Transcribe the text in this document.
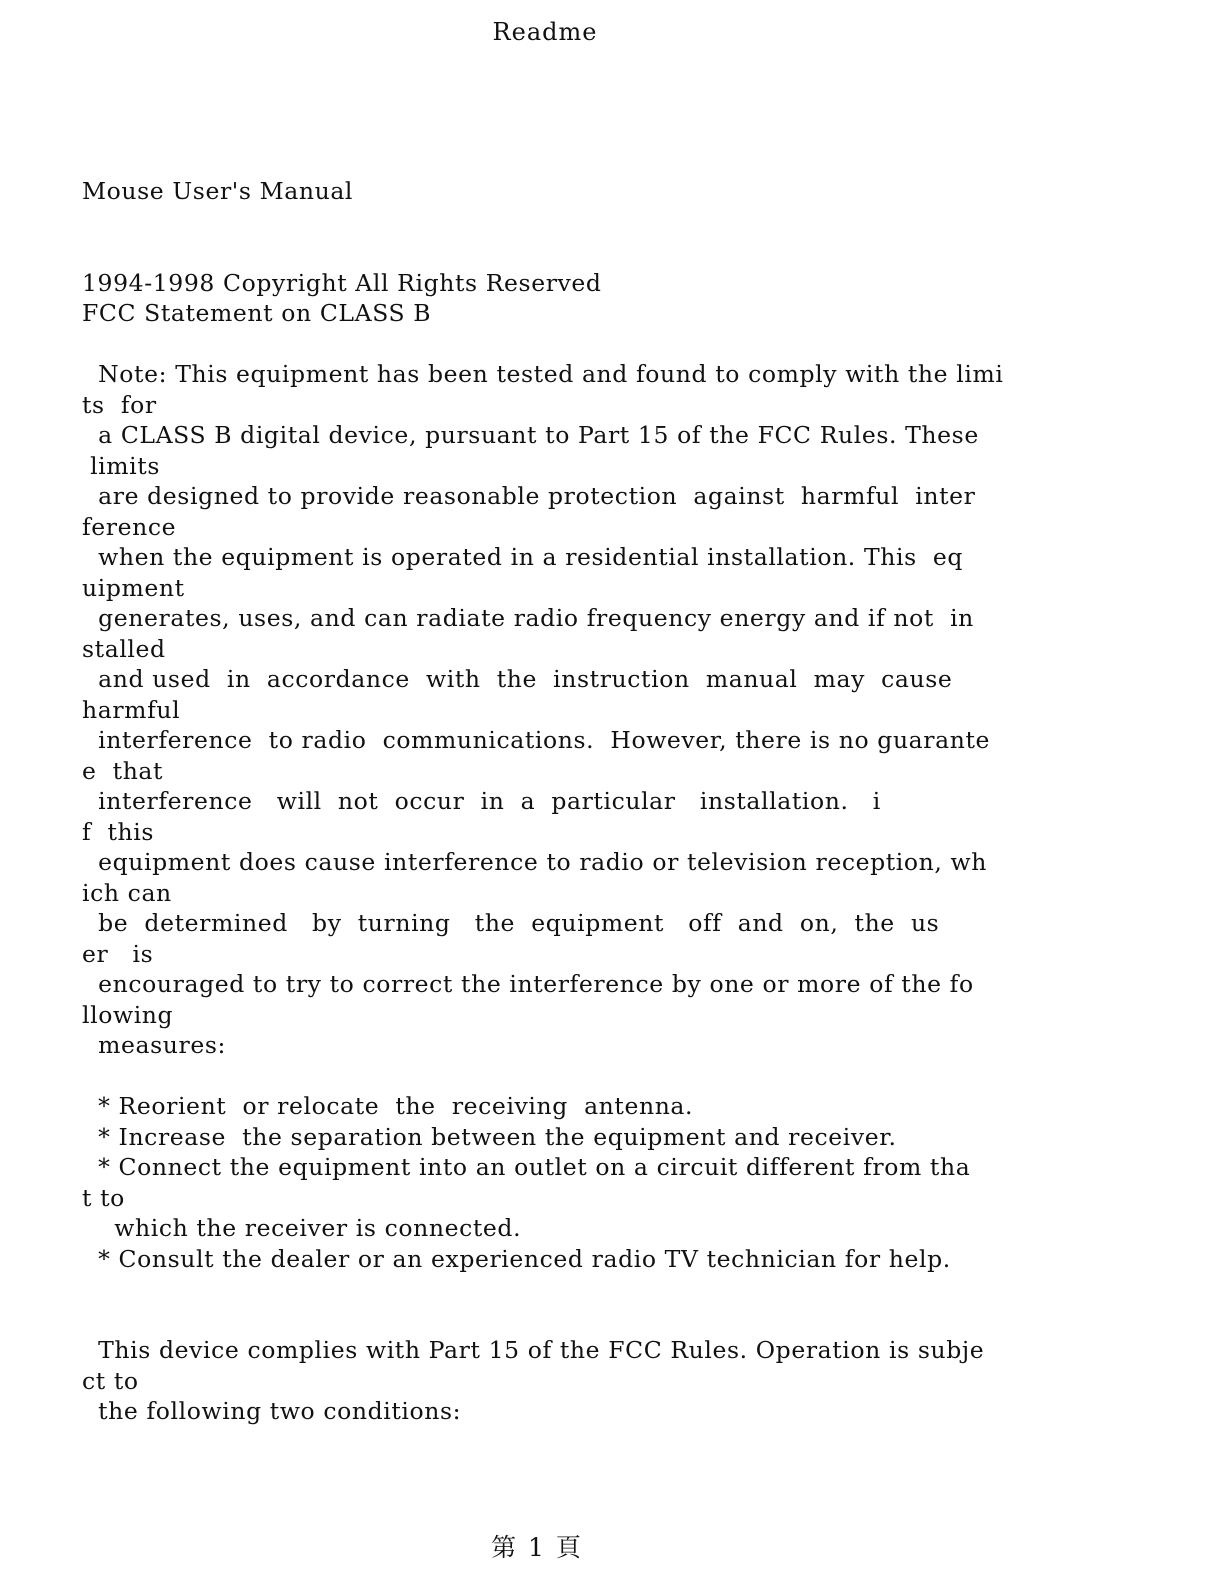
Readme
Mouse User's Manual
1994-1998 Copyright All Rights Reserved
FCC Statement on CLASS B
Note: This equipment has been tested and found to comply with the limi
ts  for
a CLASS B digital device, pursuant to Part 15 of the FCC Rules. These
limits
are designed to provide reasonable protection  against  harmful  inter
ference
when the equipment is operated in a residential installation. This  eq
uipment
generates, uses, and can radiate radio frequency energy and if not  in
stalled
and used  in  accordance  with  the  instruction  manual  may  cause
harmful
interference  to radio  communications.  However, there is no guarante
e  that
interference   will  not  occur  in  a  particular   installation.   i
f  this
equipment does cause interference to radio or television reception, wh
ich can
be  determined   by  turning   the  equipment   off  and  on,  the  us
er   is
encouraged to try to correct the interference by one or more of the fo
llowing
measures:
* Reorient  or relocate  the  receiving  antenna.
* Increase  the separation between the equipment and receiver.
* Connect the equipment into an outlet on a circuit different from tha
t to
which the receiver is connected.
* Consult the dealer or an experienced radio TV technician for help.
This device complies with Part 15 of the FCC Rules. Operation is subje
ct to
the following two conditions:
第 1 頁
